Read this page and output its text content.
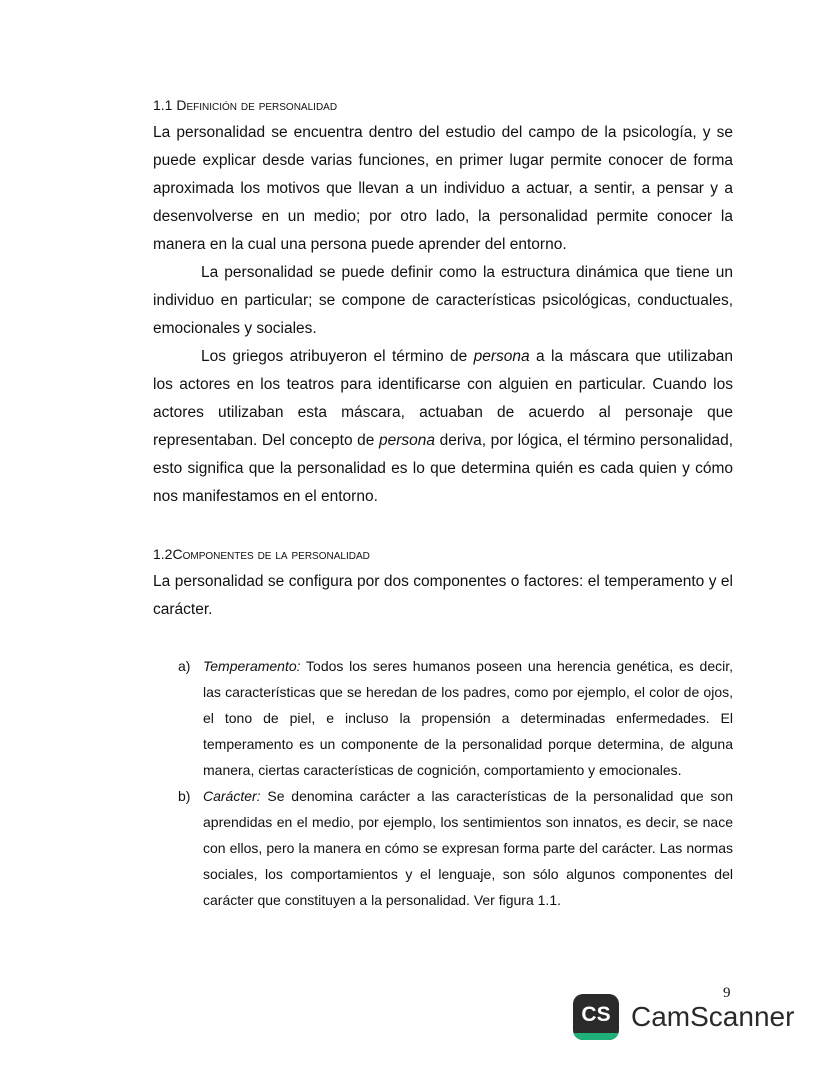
1.1 Definición de personalidad

La personalidad se encuentra dentro del estudio del campo de la psicología, y se puede explicar desde varias funciones, en primer lugar permite conocer de forma aproximada los motivos que llevan a un individuo a actuar, a sentir, a pensar y a desenvolverse en un medio; por otro lado, la personalidad permite conocer la manera en la cual una persona puede aprender del entorno.

La personalidad se puede definir como la estructura dinámica que tiene un individuo en particular; se compone de características psicológicas, conductuales, emocionales y sociales.

Los griegos atribuyeron el término de persona a la máscara que utilizaban los actores en los teatros para identificarse con alguien en particular. Cuando los actores utilizaban esta máscara, actuaban de acuerdo al personaje que representaban. Del concepto de persona deriva, por lógica, el término personalidad, esto significa que la personalidad es lo que determina quién es cada quien y cómo nos manifestamos en el entorno.

1.2Componentes de la personalidad

La personalidad se configura por dos componentes o factores: el temperamento y el carácter.

a) Temperamento: Todos los seres humanos poseen una herencia genética, es decir, las características que se heredan de los padres, como por ejemplo, el color de ojos, el tono de piel, e incluso la propensión a determinadas enfermedades. El temperamento es un componente de la personalidad porque determina, de alguna manera, ciertas características de cognición, comportamiento y emocionales.
b) Carácter: Se denomina carácter a las características de la personalidad que son aprendidas en el medio, por ejemplo, los sentimientos son innatos, es decir, se nace con ellos, pero la manera en cómo se expresan forma parte del carácter. Las normas sociales, los comportamientos y el lenguaje, son sólo algunos componentes del carácter que constituyen a la personalidad. Ver figura 1.1.
9
CS CamScanner
